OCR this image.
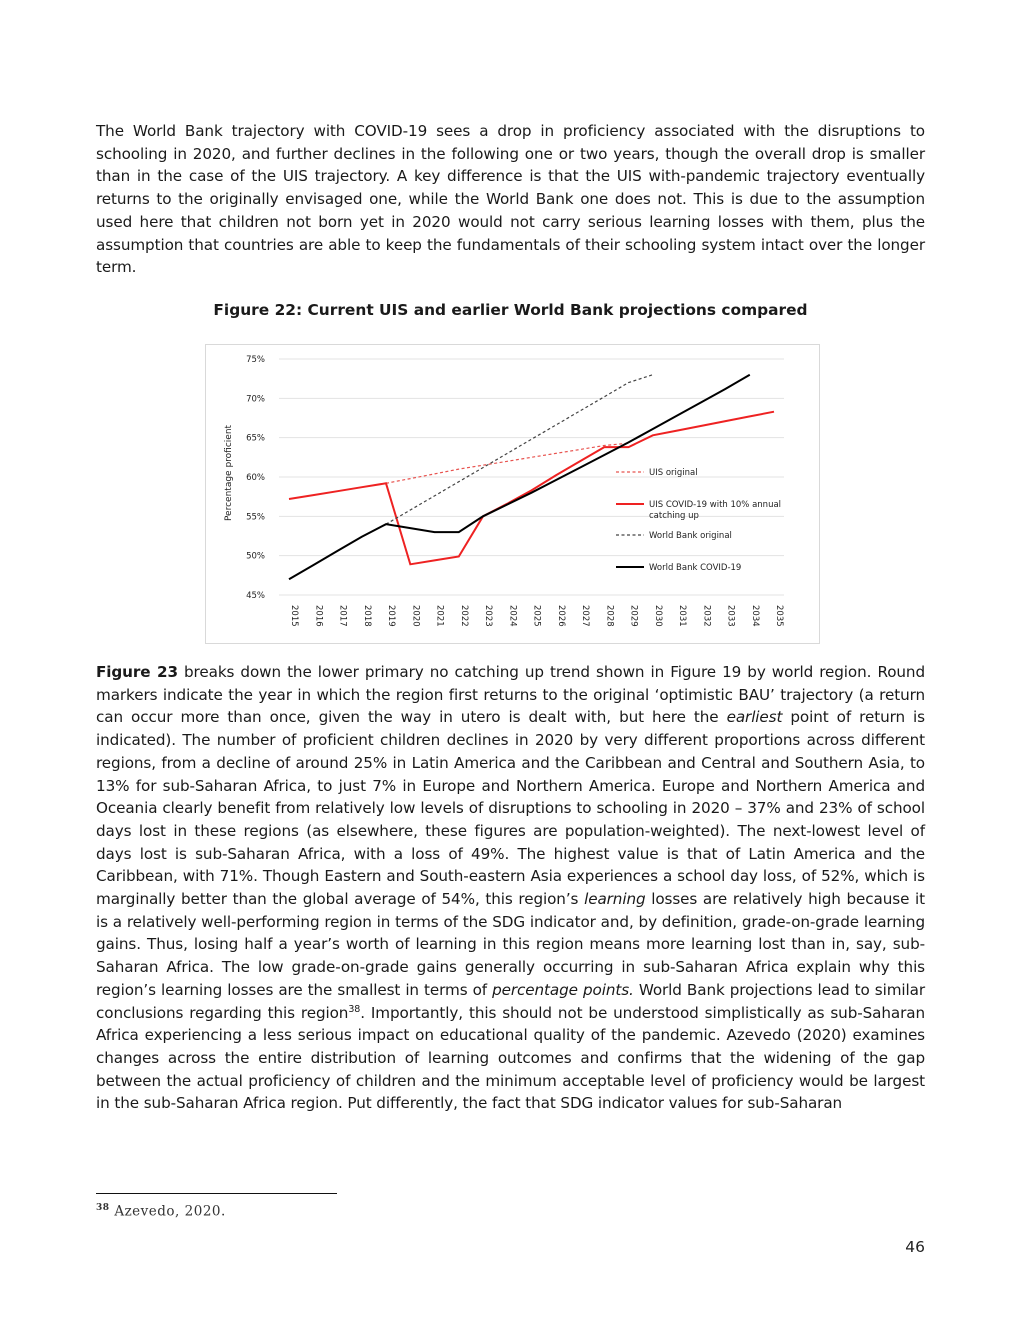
The World Bank trajectory with COVID-19 sees a drop in proficiency associated with the disruptions to schooling in 2020, and further declines in the following one or two years, though the overall drop is smaller than in the case of the UIS trajectory. A key difference is that the UIS with-pandemic trajectory eventually returns to the originally envisaged one, while the World Bank one does not. This is due to the assumption used here that children not born yet in 2020 would not carry serious learning losses with them, plus the assumption that countries are able to keep the fundamentals of their schooling system intact over the longer term.

Figure 22: Current UIS and earlier World Bank projections compared

45%
50%
55%
60%
65%
70%
75%
2015 2016 2017 2018 2019 2020 2021 2022 2023 2024 2025 2026 2027 2028 2029 2030 2031 2032 2033 2034 2035
Percentage proficient	UIS original
UIS COVID-19 with 10% annual catching up
World Bank original
World Bank COVID-19

Figure 23 breaks down the lower primary no catching up trend shown in Figure 19 by world region. Round markers indicate the year in which the region first returns to the original ‘optimistic BAU’ trajectory (a return can occur more than once, given the way in utero is dealt with, but here the earliest point of return is indicated). The number of proficient children declines in 2020 by very different proportions across different regions, from a decline of around 25% in Latin America and the Caribbean and Central and Southern Asia, to 13% for sub-Saharan Africa, to just 7% in Europe and Northern America. Europe and Northern America and Oceania clearly benefit from relatively low levels of disruptions to schooling in 2020 – 37% and 23% of school days lost in these regions (as elsewhere, these figures are population-weighted). The next-lowest level of days lost is sub-Saharan Africa, with a loss of 49%. The highest value is that of Latin America and the Caribbean, with 71%. Though Eastern and South-eastern Asia experiences a school day loss, of 52%, which is marginally better than the global average of 54%, this region’s learning losses are relatively high because it is a relatively well-performing region in terms of the SDG indicator and, by definition, grade-on-grade learning gains. Thus, losing half a year’s worth of learning in this region means more learning lost than in, say, sub-Saharan Africa. The low grade-on-grade gains generally occurring in sub-Saharan Africa explain why this region’s learning losses are the smallest in terms of percentage points. World Bank projections lead to similar conclusions regarding this region$^{38}$. Importantly, this should not be understood simplistically as sub-Saharan Africa experiencing a less serious impact on educational quality of the pandemic. Azevedo (2020) examines changes across the entire distribution of learning outcomes and confirms that the widening of the gap between the actual proficiency of children and the minimum acceptable level of proficiency would be largest in the sub-Saharan Africa region. Put differently, the fact that SDG indicator values for sub-Saharan

$^{38}$ Azevedo, 2020.
46
